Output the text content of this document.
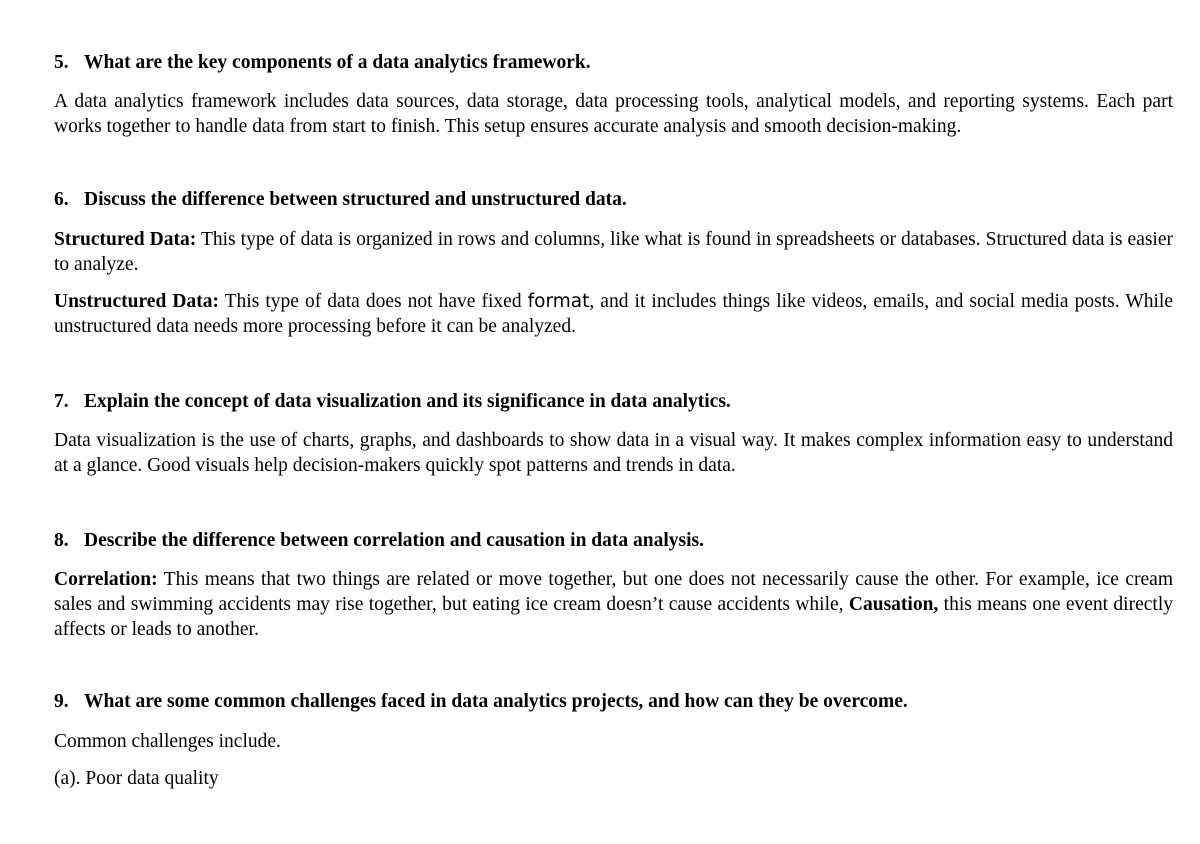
5. What are the key components of a data analytics framework.
A data analytics framework includes data sources, data storage, data processing tools, analytical models, and reporting systems. Each part works together to handle data from start to finish. This setup ensures accurate analysis and smooth decision-making.
6. Discuss the difference between structured and unstructured data.
Structured Data: This type of data is organized in rows and columns, like what is found in spreadsheets or databases. Structured data is easier to analyze.
Unstructured Data: This type of data does not have fixed format, and it includes things like videos, emails, and social media posts. While unstructured data needs more processing before it can be analyzed.
7. Explain the concept of data visualization and its significance in data analytics.
Data visualization is the use of charts, graphs, and dashboards to show data in a visual way. It makes complex information easy to understand at a glance. Good visuals help decision-makers quickly spot patterns and trends in data.
8. Describe the difference between correlation and causation in data analysis.
Correlation: This means that two things are related or move together, but one does not necessarily cause the other. For example, ice cream sales and swimming accidents may rise together, but eating ice cream doesn’t cause accidents while, Causation, this means one event directly affects or leads to another.
9. What are some common challenges faced in data analytics projects, and how can they be overcome.
Common challenges include.
(a). Poor data quality
